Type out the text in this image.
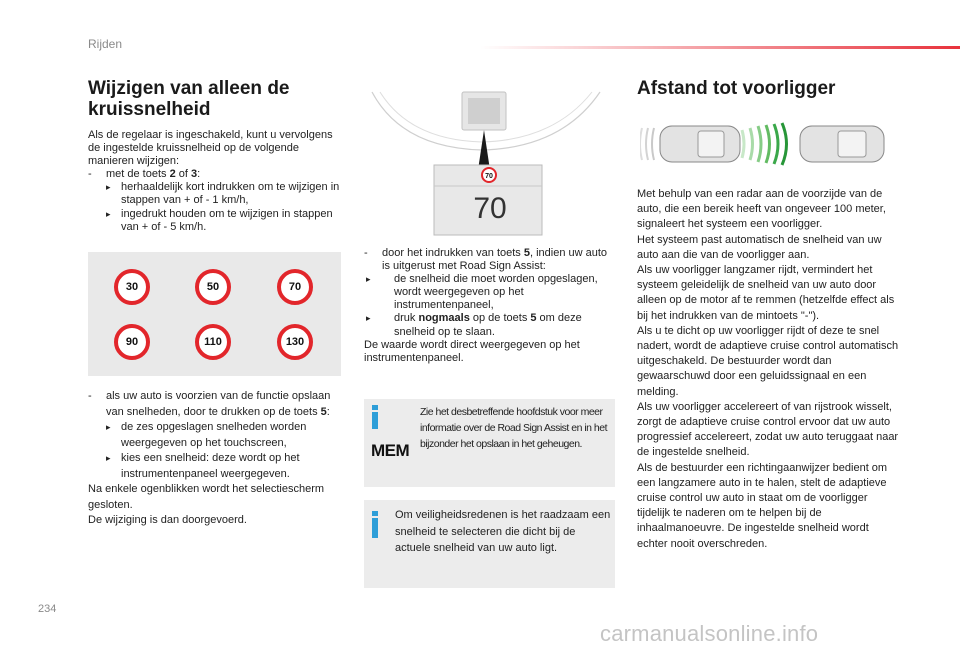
Rijden
Wijzigen van alleen de kruissnelheid

Als de regelaar is ingeschakeld, kunt u vervolgens de ingestelde kruissnelheid op de volgende manieren wijzigen:

- met de toets 2 of 3:

▸ herhaaldelijk kort indrukken om te wijzigen in stappen van + of - 1 km/h,

▸ ingedrukt houden om te wijzigen in stappen van + of - 5 km/h.

30	50	70
90	110	130

- als uw auto is voorzien van de functie opslaan van snelheden, door te drukken op de toets 5:

▸ de zes opgeslagen snelheden worden weergegeven op het touchscreen,

▸ kies een snelheid: deze wordt op het instrumentenpaneel weergegeven.

Na enkele ogenblikken wordt het selectiescherm gesloten.

De wijziging is dan doorgevoerd.

70
70

- door het indrukken van toets 5, indien uw auto is uitgerust met Road Sign Assist:

▸	de snelheid die moet worden opgeslagen, wordt weergegeven op het instrumentenpaneel,

▸	druk nogmaals op de toets 5 om deze snelheid op te slaan.

De waarde wordt direct weergegeven op het instrumentenpaneel.

MEM
Zie het desbetreffende hoofdstuk voor meer informatie over de Road Sign Assist en in het bijzonder het opslaan in het geheugen.
Om veiligheidsredenen is het raadzaam een snelheid te selecteren die dicht bij de actuele snelheid van uw auto ligt.
Afstand tot voorligger
Met behulp van een radar aan de voorzijde van de auto, die een bereik heeft van ongeveer 100 meter, signaleert het systeem een voorligger.
Het systeem past automatisch de snelheid van uw auto aan die van de voorligger aan.
Als uw voorligger langzamer rijdt, vermindert het systeem geleidelijk de snelheid van uw auto door alleen op de motor af te remmen (hetzelfde effect als bij het indrukken van de mintoets "-").
Als u te dicht op uw voorligger rijdt of deze te snel nadert, wordt de adaptieve cruise control automatisch uitgeschakeld. De bestuurder wordt dan gewaarschuwd door een geluidssignaal en een melding.
Als uw voorligger accelereert of van rijstrook wisselt, zorgt de adaptieve cruise control ervoor dat uw auto progressief accelereert, zodat uw auto teruggaat naar de ingestelde snelheid.
Als de bestuurder een richtingaanwijzer bedient om een langzamere auto in te halen, stelt de adaptieve cruise control uw auto in staat om de voorligger tijdelijk te naderen om te helpen bij de inhaalmanoeuvre. De ingestelde snelheid wordt echter nooit overschreden.
234
carmanualsonline.info
